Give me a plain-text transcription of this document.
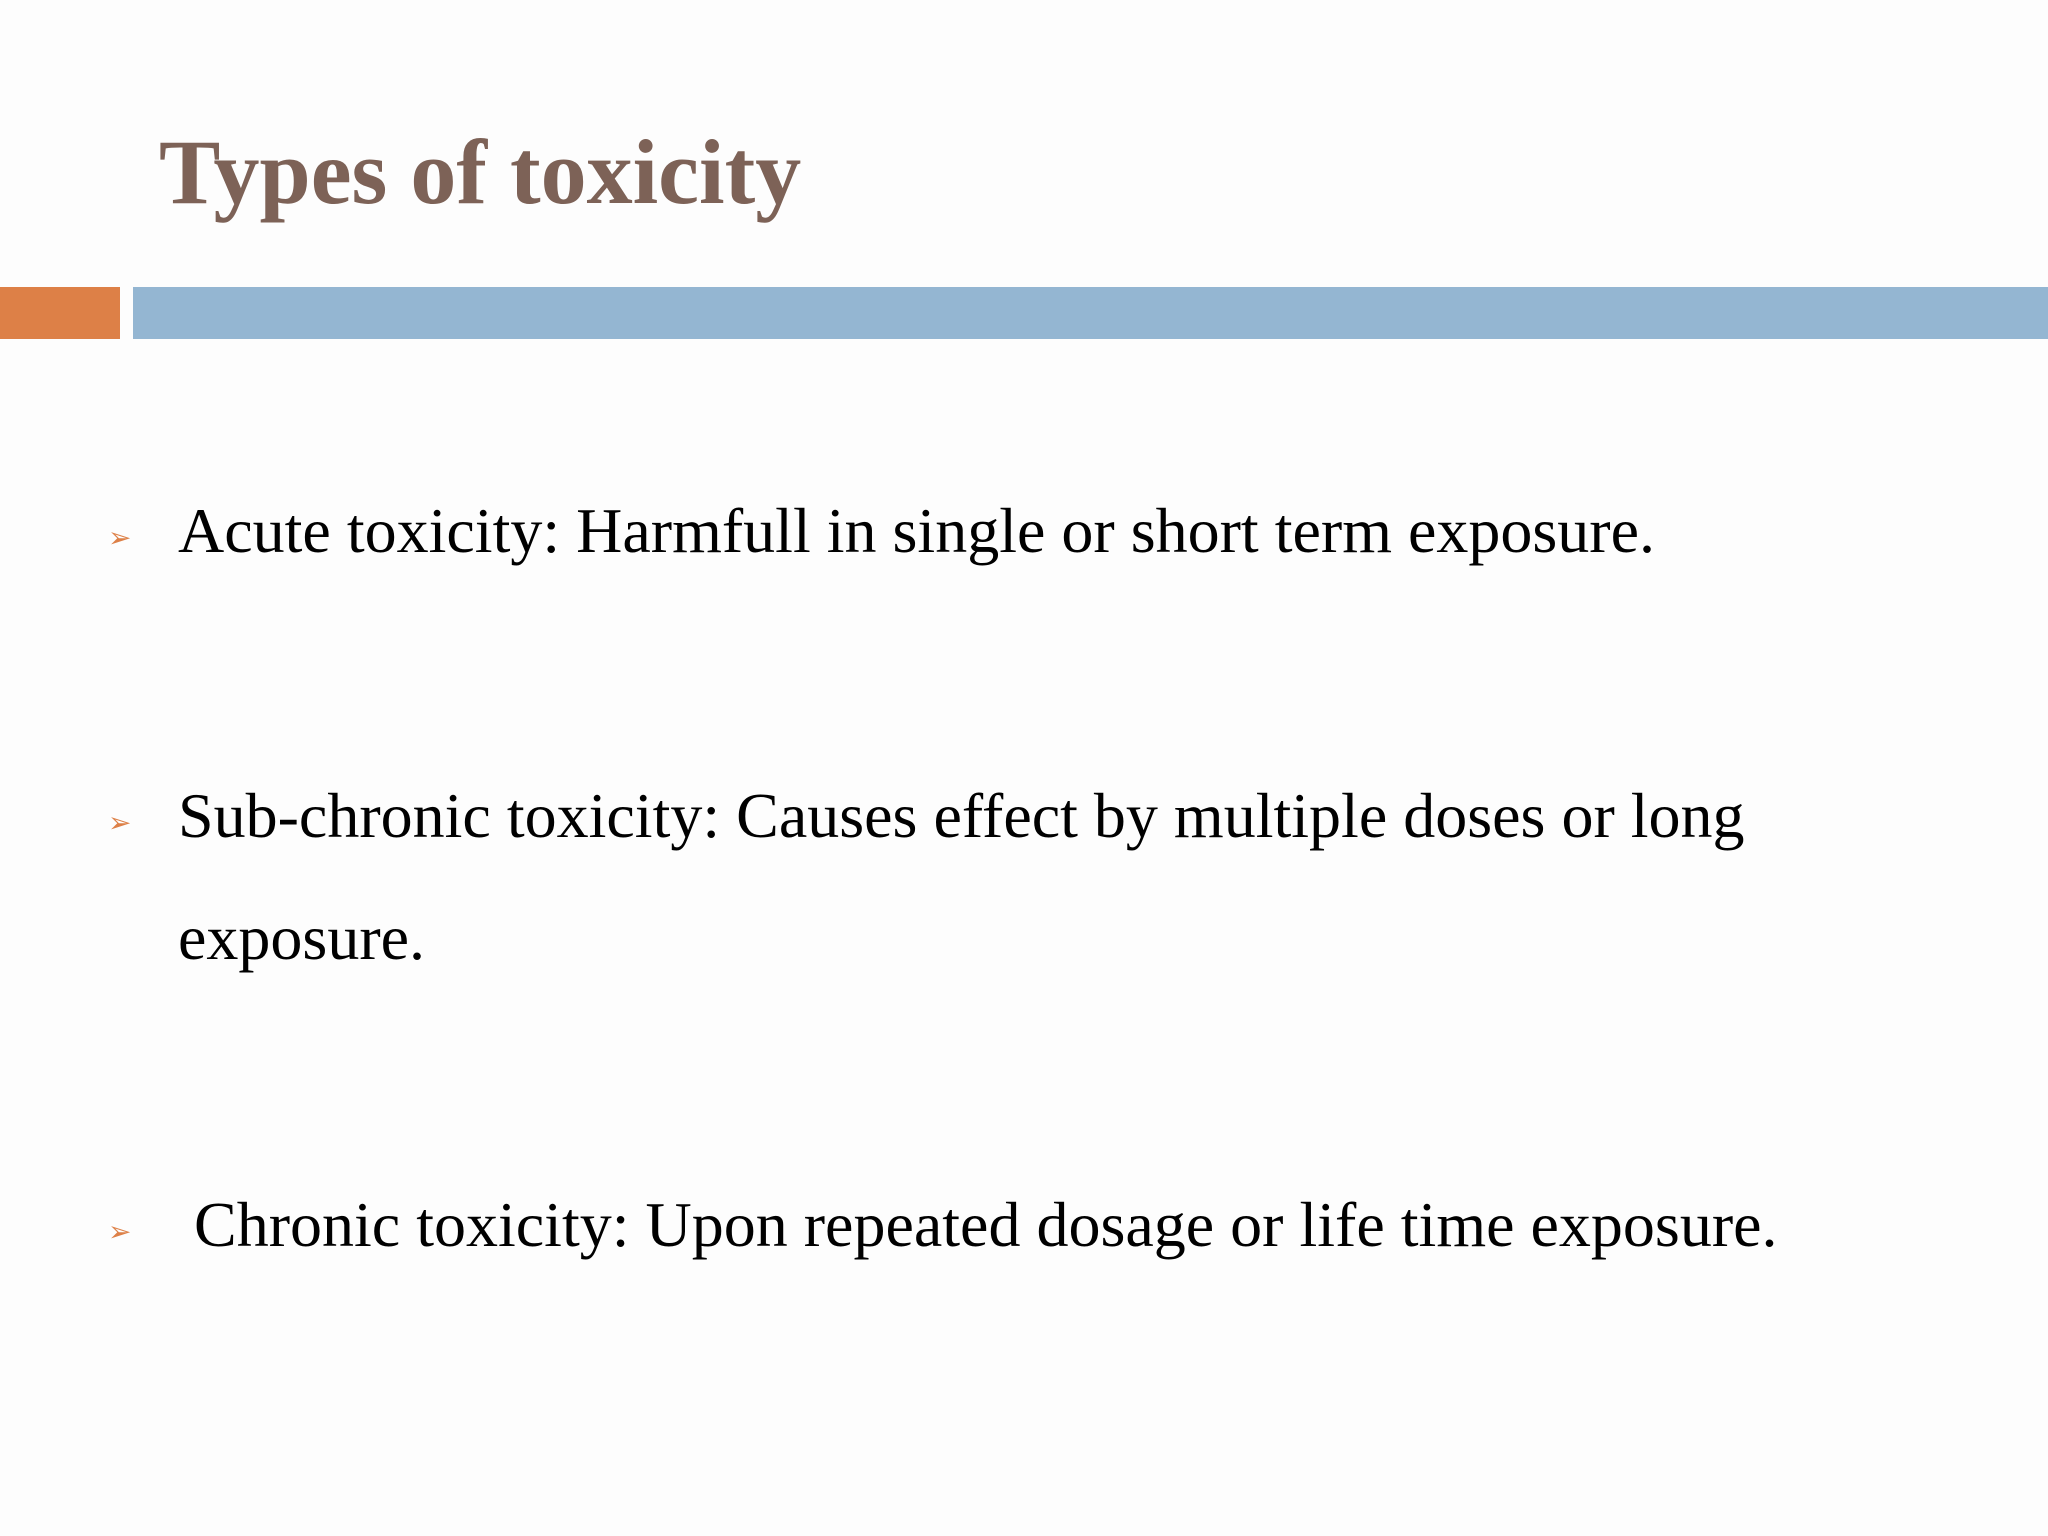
Types of toxicity
➢ Acute toxicity: Harmfull in single or short term exposure.
➢ Sub-chronic toxicity: Causes effect by multiple doses or long exposure.
➢ Chronic toxicity: Upon repeated dosage or life time exposure.
